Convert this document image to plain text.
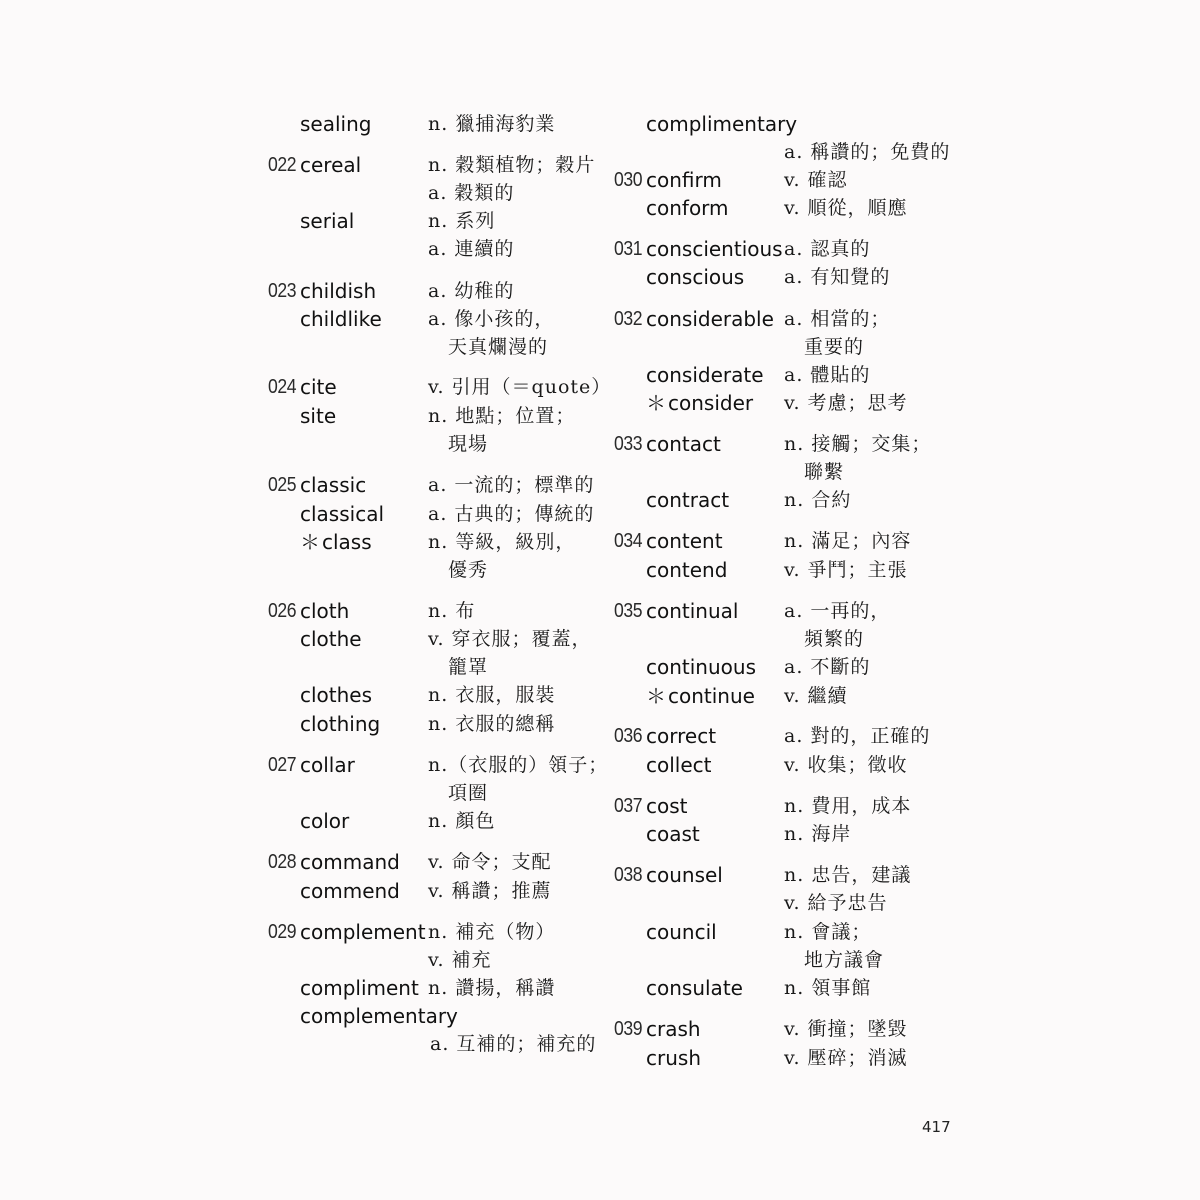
sealing	n. 獵捕海豹業
022 cereal	n. 穀類植物；穀片
a. 穀類的
serial	n. 系列
a. 連續的
023 childish	a. 幼稚的
childlike a. 像小孩的，
天真爛漫的
024 cite	v. 引用（＝quote）
site	n. 地點；位置；
現場
025 classic	a. 一流的；標準的
classical a. 古典的；傳統的
＊ class	n. 等級，級別，
優秀
026 cloth	n. 布
clothe	v. 穿衣服；覆蓋，
籠罩
clothes	n. 衣服，服裝
clothing	n. 衣服的總稱
027 collar	n.（衣服的）領子；
項圈
color	n. 顏色
028 command v. 命令；支配
commend v. 稱讚；推薦
029 complement n. 補充（物）
v. 補充
compliment n. 讚揚，稱讚
complementary
a. 互補的；補充的
complimentary
a. 稱讚的；免費的
030 confirm	v. 確認
conform	v. 順從，順應
031 conscientious a. 認真的
conscious a. 有知覺的
032 considerable a. 相當的；
重要的
considerate a. 體貼的
＊ consider v. 考慮；思考
033 contact	n. 接觸；交集；
聯繫
contract	n. 合約
034 content	n. 滿足；內容
contend	v. 爭鬥；主張
035 continual a. 一再的，
頻繁的
continuous a. 不斷的
＊ continue v. 繼續
036 correct	a. 對的，正確的
collect	v. 收集；徵收
037 cost	n. 費用，成本
coast	n. 海岸
038 counsel	n. 忠告，建議
v. 給予忠告
council	n. 會議；
地方議會
consulate n. 領事館
039 crash	v. 衝撞；墜毀
crush	v. 壓碎；消滅
417
